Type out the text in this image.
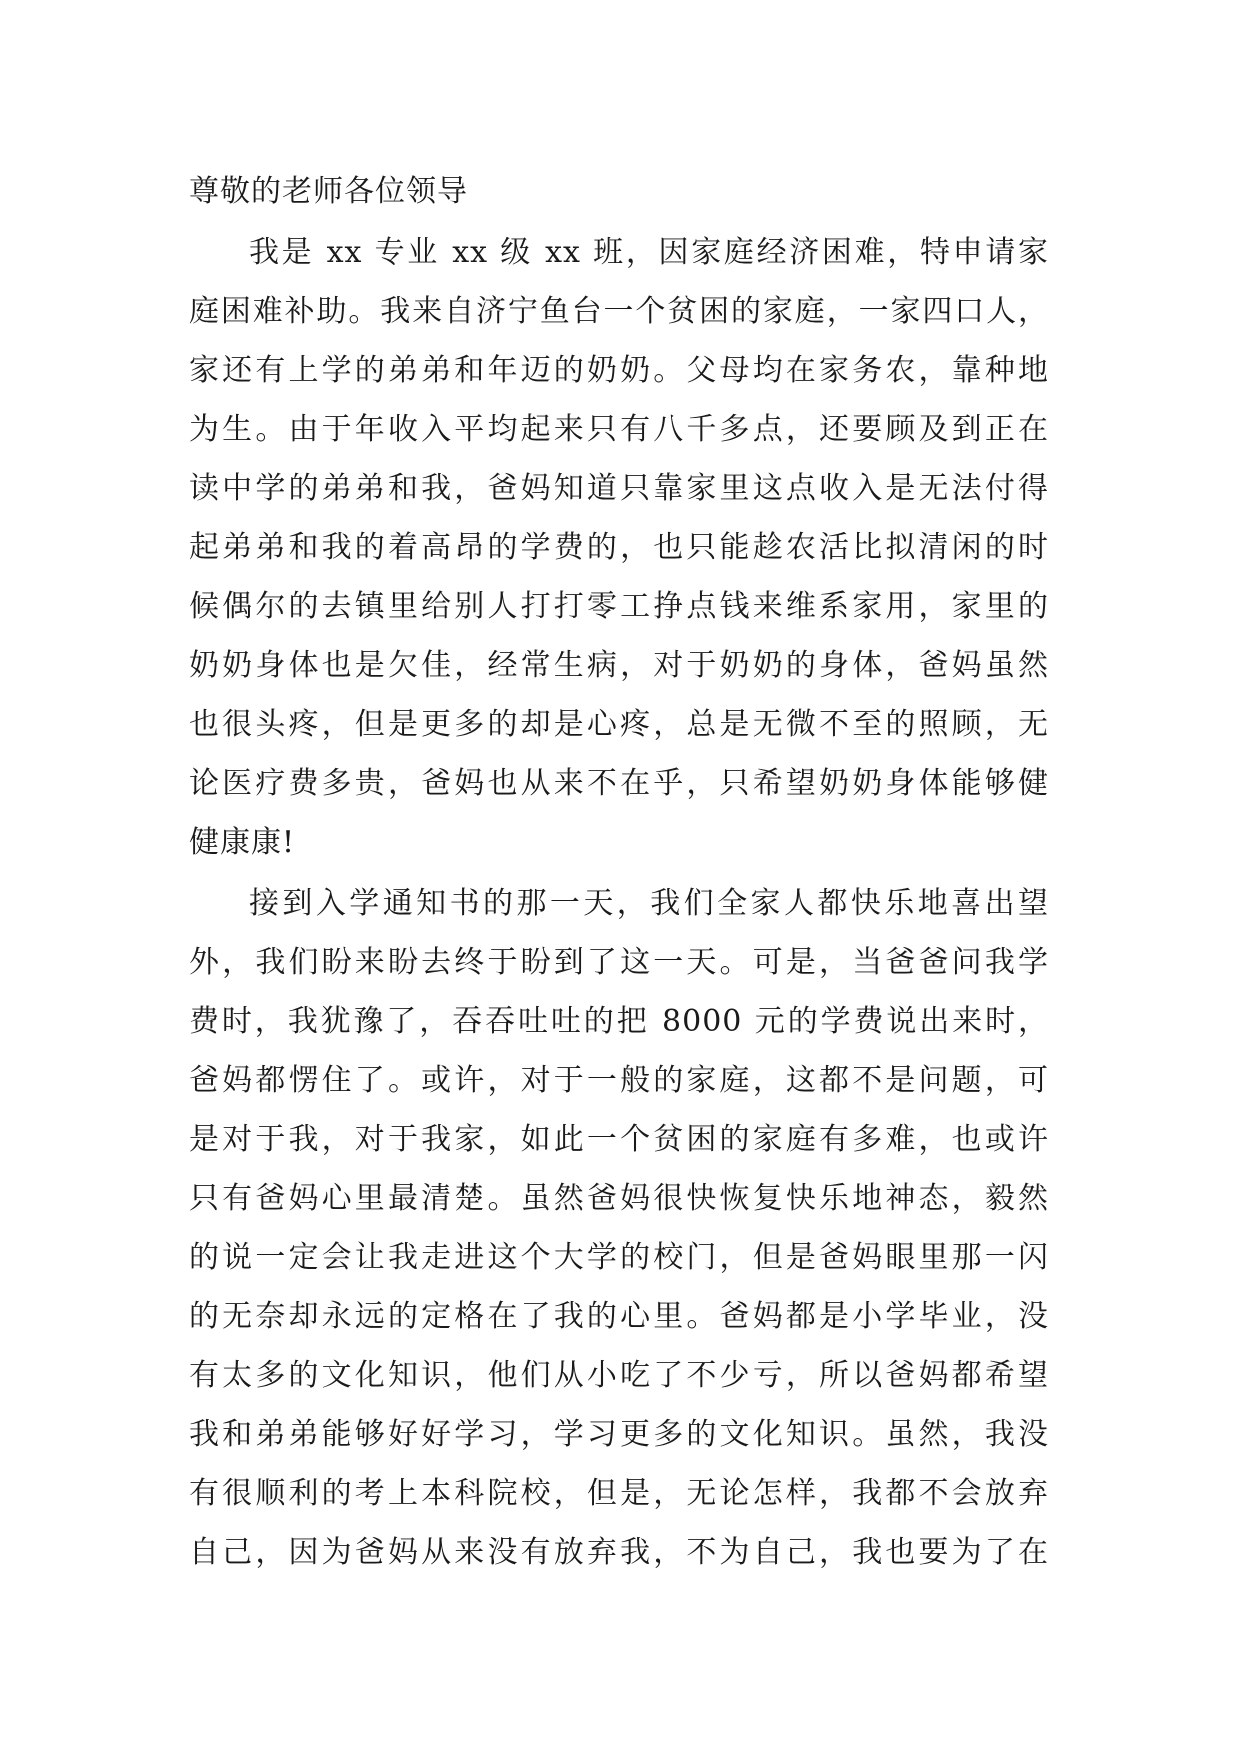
尊敬的老师各位领导
我是 xx 专业 xx 级 xx 班，因家庭经济困难，特申请家
庭困难补助。我来自济宁鱼台一个贫困的家庭，一家四口人，
家还有上学的弟弟和年迈的奶奶。父母均在家务农，靠种地
为生。由于年收入平均起来只有八千多点，还要顾及到正在
读中学的弟弟和我，爸妈知道只靠家里这点收入是无法付得
起弟弟和我的着高昂的学费的，也只能趁农活比拟清闲的时
候偶尔的去镇里给别人打打零工挣点钱来维系家用，家里的
奶奶身体也是欠佳，经常生病，对于奶奶的身体，爸妈虽然
也很头疼，但是更多的却是心疼，总是无微不至的照顾，无
论医疗费多贵，爸妈也从来不在乎，只希望奶奶身体能够健
健康康!
接到入学通知书的那一天，我们全家人都快乐地喜出望
外，我们盼来盼去终于盼到了这一天。可是，当爸爸问我学
费时，我犹豫了，吞吞吐吐的把 8000 元的学费说出来时，
爸妈都愣住了。或许，对于一般的家庭，这都不是问题，可
是对于我，对于我家，如此一个贫困的家庭有多难，也或许
只有爸妈心里最清楚。虽然爸妈很快恢复快乐地神态，毅然
的说一定会让我走进这个大学的校门，但是爸妈眼里那一闪
的无奈却永远的定格在了我的心里。爸妈都是小学毕业，没
有太多的文化知识，他们从小吃了不少亏，所以爸妈都希望
我和弟弟能够好好学习，学习更多的文化知识。虽然，我没
有很顺利的考上本科院校，但是，无论怎样，我都不会放弃
自己，因为爸妈从来没有放弃我，不为自己，我也要为了在
